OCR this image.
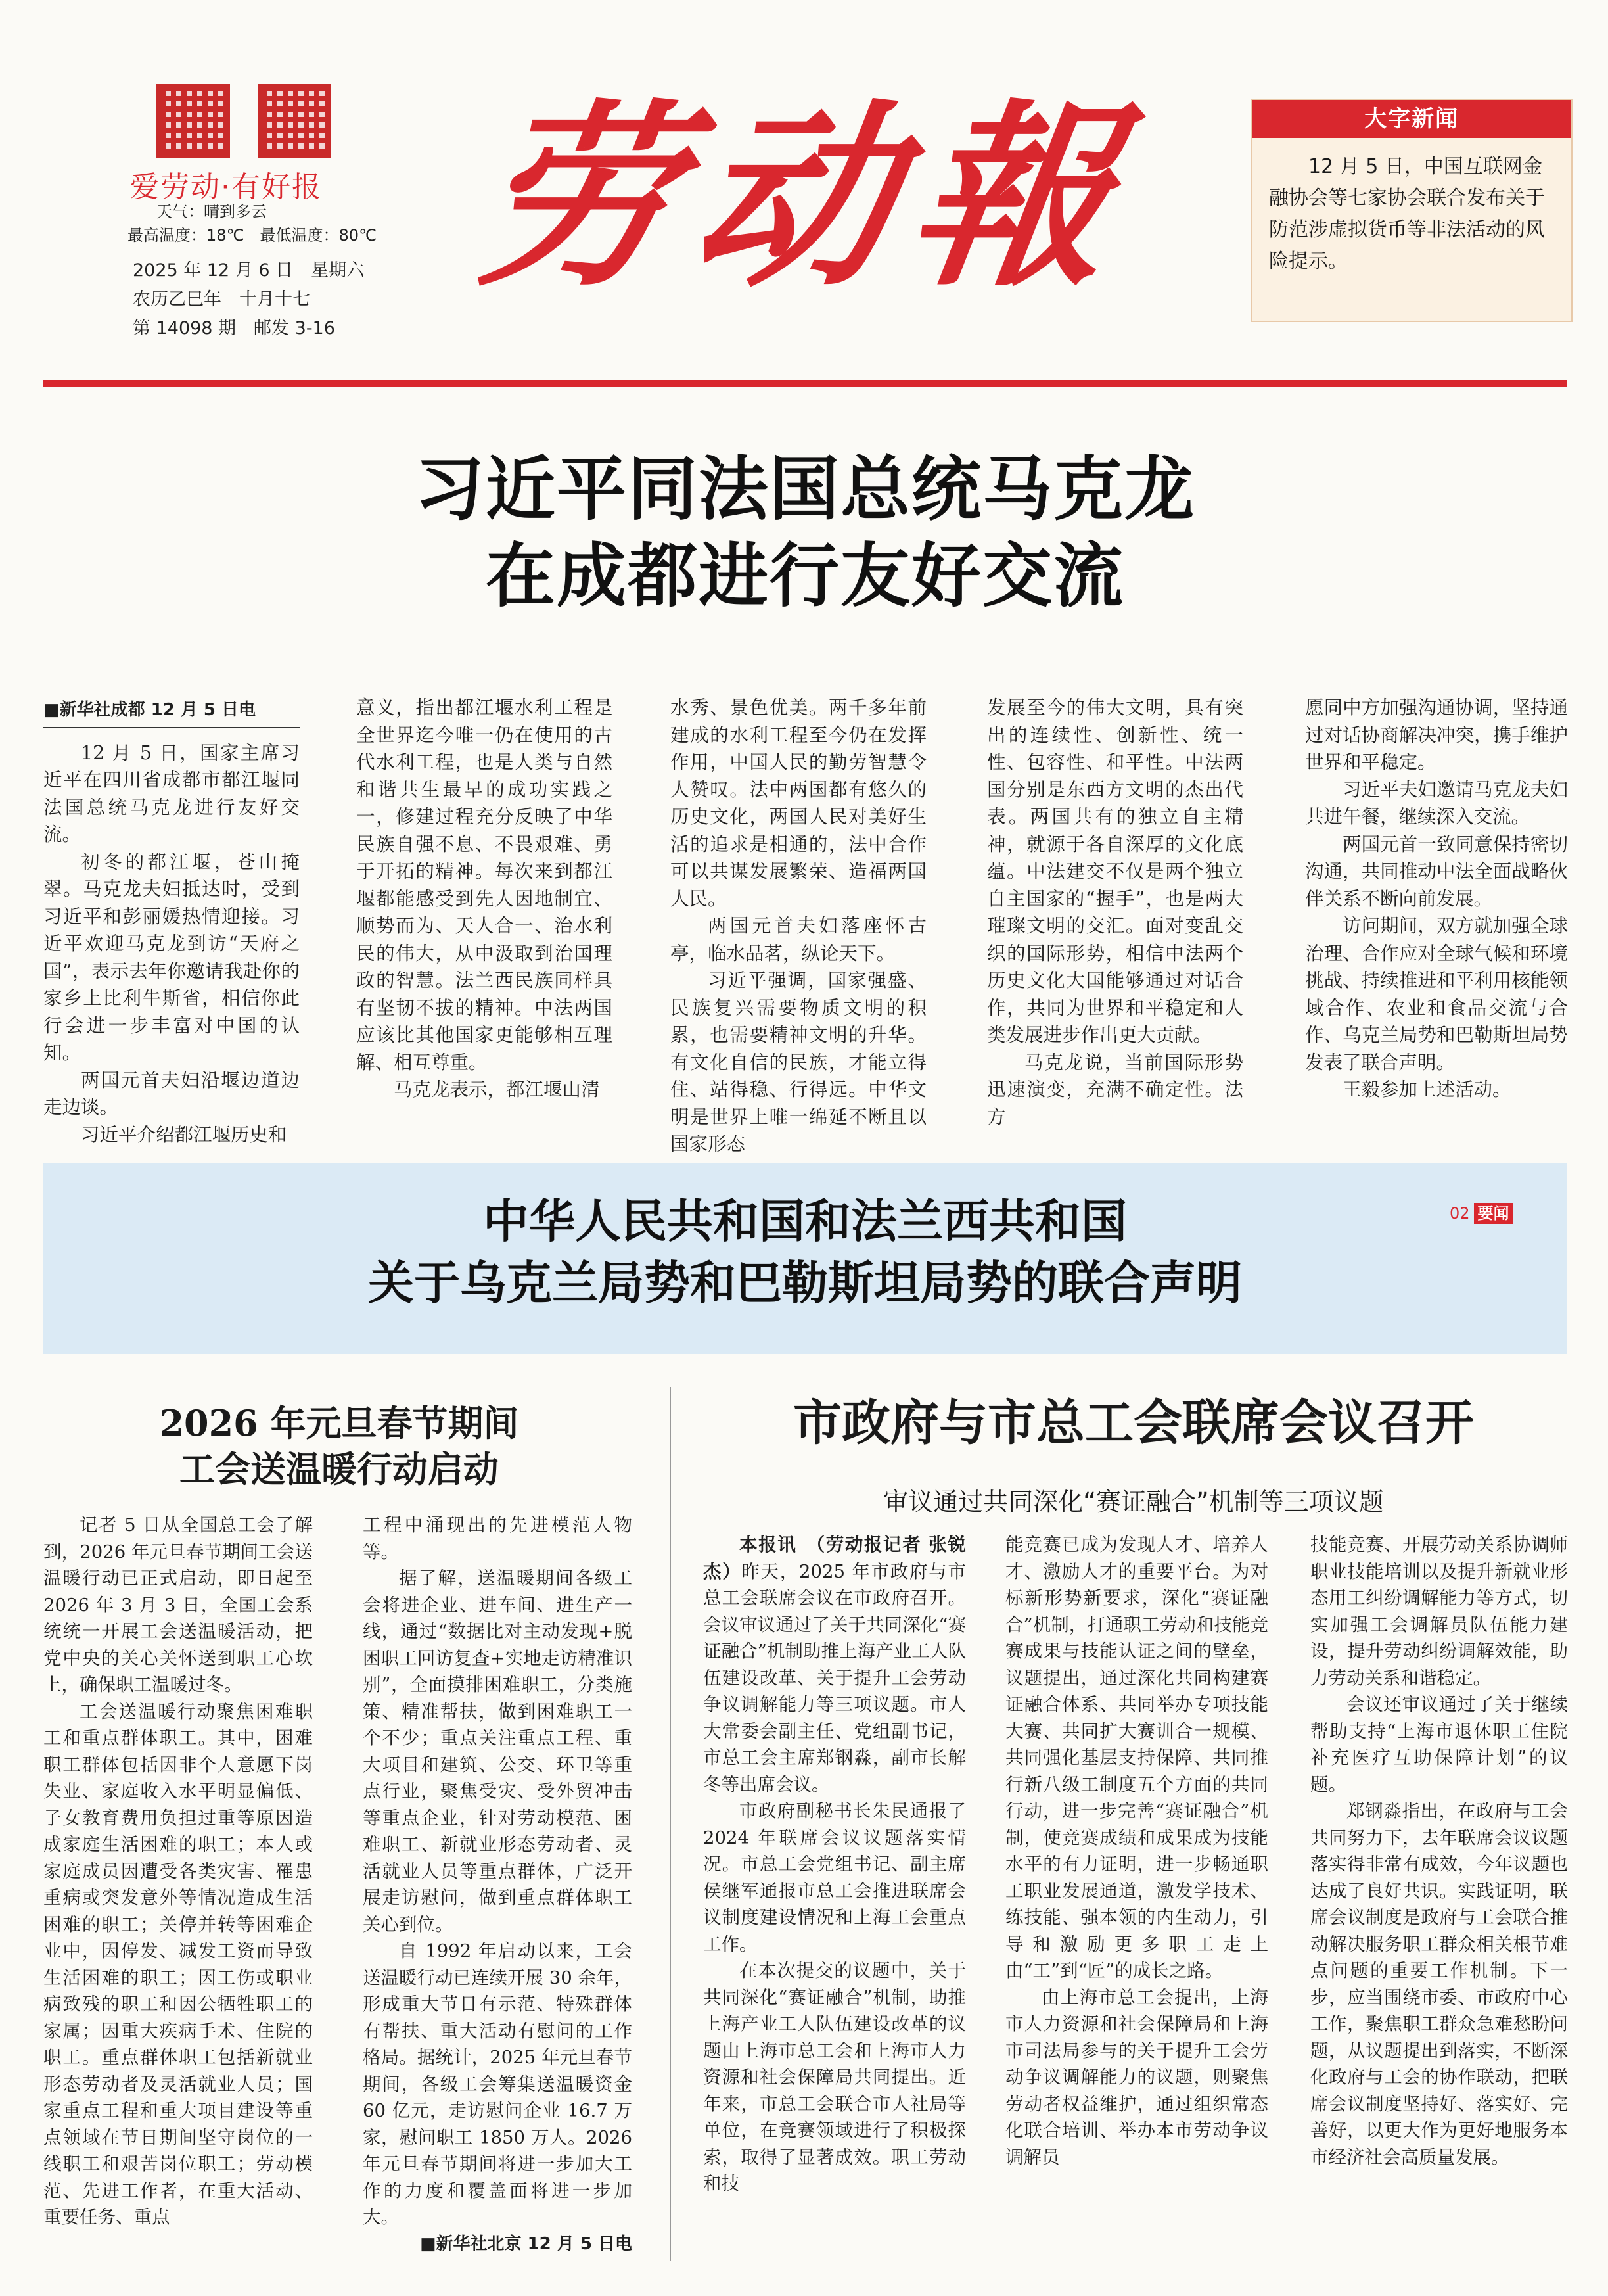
爱劳动·有好报
天气：晴到多云
最高温度：18℃　最低温度：80℃
2025 年 12 月 6 日　星期六
农历乙巳年　十月十七
第 14098 期　邮发 3-16
劳动報	大字新闻
12 月 5 日，中国互联网金融协会等七家协会联合发布关于防范涉虚拟货币等非法活动的风险提示。
习近平同法国总统马克龙
在成都进行友好交流
■新华社成都 12 月 5 日电

12 月 5 日，国家主席习近平在四川省成都市都江堰同法国总统马克龙进行友好交流。

初冬的都江堰，苍山掩翠。马克龙夫妇抵达时，受到习近平和彭丽媛热情迎接。习近平欢迎马克龙到访“天府之国”，表示去年你邀请我赴你的家乡上比利牛斯省，相信你此行会进一步丰富对中国的认知。

两国元首夫妇沿堰边道边走边谈。

习近平介绍都江堰历史和

意义，指出都江堰水利工程是全世界迄今唯一仍在使用的古代水利工程，也是人类与自然和谐共生最早的成功实践之一，修建过程充分反映了中华民族自强不息、不畏艰难、勇于开拓的精神。每次来到都江堰都能感受到先人因地制宜、顺势而为、天人合一、治水利民的伟大，从中汲取到治国理政的智慧。法兰西民族同样具有坚韧不拔的精神。中法两国应该比其他国家更能够相互理解、相互尊重。

马克龙表示，都江堰山清

水秀、景色优美。两千多年前建成的水利工程至今仍在发挥作用，中国人民的勤劳智慧令人赞叹。法中两国都有悠久的历史文化，两国人民对美好生活的追求是相通的，法中合作可以共谋发展繁荣、造福两国人民。

两国元首夫妇落座怀古亭，临水品茗，纵论天下。

习近平强调，国家强盛、民族复兴需要物质文明的积累，也需要精神文明的升华。有文化自信的民族，才能立得住、站得稳、行得远。中华文明是世界上唯一绵延不断且以国家形态

发展至今的伟大文明，具有突出的连续性、创新性、统一性、包容性、和平性。中法两国分别是东西方文明的杰出代表。两国共有的独立自主精神，就源于各自深厚的文化底蕴。中法建交不仅是两个独立自主国家的“握手”，也是两大璀璨文明的交汇。面对变乱交织的国际形势，相信中法两个历史文化大国能够通过对话合作，共同为世界和平稳定和人类发展进步作出更大贡献。

马克龙说，当前国际形势迅速演变，充满不确定性。法方

愿同中方加强沟通协调，坚持通过对话协商解决冲突，携手维护世界和平稳定。

习近平夫妇邀请马克龙夫妇共进午餐，继续深入交流。

两国元首一致同意保持密切沟通，共同推动中法全面战略伙伴关系不断向前发展。

访问期间，双方就加强全球治理、合作应对全球气候和环境挑战、持续推进和平利用核能领域合作、农业和食品交流与合作、乌克兰局势和巴勒斯坦局势发表了联合声明。

王毅参加上述活动。

中华人民共和国和法兰西共和国
关于乌克兰局势和巴勒斯坦局势的联合声明
02 要闻
2026 年元旦春节期间
工会送温暖行动启动

记者 5 日从全国总工会了解到，2026 年元旦春节期间工会送温暖行动已正式启动，即日起至 2026 年 3 月 3 日，全国工会系统统一开展工会送温暖活动，把党中央的关心关怀送到职工心坎上，确保职工温暖过冬。

工会送温暖行动聚焦困难职工和重点群体职工。其中，困难职工群体包括因非个人意愿下岗失业、家庭收入水平明显偏低、子女教育费用负担过重等原因造成家庭生活困难的职工；本人或家庭成员因遭受各类灾害、罹患重病或突发意外等情况造成生活困难的职工；关停并转等困难企业中，因停发、减发工资而导致生活困难的职工；因工伤或职业病致残的职工和因公牺牲职工的家属；因重大疾病手术、住院的职工。重点群体职工包括新就业形态劳动者及灵活就业人员；国家重点工程和重大项目建设等重点领域在节日期间坚守岗位的一线职工和艰苦岗位职工；劳动模范、先进工作者，在重大活动、重要任务、重点

工程中涌现出的先进模范人物等。

据了解，送温暖期间各级工会将进企业、进车间、进生产一线，通过“数据比对主动发现+脱困职工回访复查+实地走访精准识别”，全面摸排困难职工，分类施策、精准帮扶，做到困难职工一个不少；重点关注重点工程、重大项目和建筑、公交、环卫等重点行业，聚焦受灾、受外贸冲击等重点企业，针对劳动模范、困难职工、新就业形态劳动者、灵活就业人员等重点群体，广泛开展走访慰问，做到重点群体职工关心到位。

自 1992 年启动以来，工会送温暖行动已连续开展 30 余年，形成重大节日有示范、特殊群体有帮扶、重大活动有慰问的工作格局。据统计，2025 年元旦春节期间，各级工会筹集送温暖资金 60 亿元，走访慰问企业 16.7 万家，慰问职工 1850 万人。2026 年元旦春节期间将进一步加大工作的力度和覆盖面将进一步加大。

■新华社北京 12 月 5 日电
市政府与市总工会联席会议召开
审议通过共同深化“赛证融合”机制等三项议题

本报讯　（劳动报记者 张锐杰）昨天，2025 年市政府与市总工会联席会议在市政府召开。会议审议通过了关于共同深化“赛证融合”机制助推上海产业工人队伍建设改革、关于提升工会劳动争议调解能力等三项议题。市人大常委会副主任、党组副书记，市总工会主席郑钢淼，副市长解冬等出席会议。

市政府副秘书长朱民通报了 2024 年联席会议议题落实情况。市总工会党组书记、副主席侯继军通报市总工会推进联席会议制度建设情况和上海工会重点工作。

在本次提交的议题中，关于共同深化“赛证融合”机制，助推上海产业工人队伍建设改革的议题由上海市总工会和上海市人力资源和社会保障局共同提出。近年来，市总工会联合市人社局等单位，在竞赛领域进行了积极探索，取得了显著成效。职工劳动和技

能竞赛已成为发现人才、培养人才、激励人才的重要平台。为对标新形势新要求，深化“赛证融合”机制，打通职工劳动和技能竞赛成果与技能认证之间的壁垒，议题提出，通过深化共同构建赛证融合体系、共同举办专项技能大赛、共同扩大赛训合一规模、共同强化基层支持保障、共同推行新八级工制度五个方面的共同行动，进一步完善“赛证融合”机制，使竞赛成绩和成果成为技能水平的有力证明，进一步畅通职工职业发展通道，激发学技术、练技能、强本领的内生动力，引导和激励更多职工走上由“工”到“匠”的成长之路。

由上海市总工会提出，上海市人力资源和社会保障局和上海市司法局参与的关于提升工会劳动争议调解能力的议题，则聚焦劳动者权益维护，通过组织常态化联合培训、举办本市劳动争议调解员

技能竞赛、开展劳动关系协调师职业技能培训以及提升新就业形态用工纠纷调解能力等方式，切实加强工会调解员队伍能力建设，提升劳动纠纷调解效能，助力劳动关系和谐稳定。

会议还审议通过了关于继续帮助支持“上海市退休职工住院补充医疗互助保障计划”的议题。

郑钢淼指出，在政府与工会共同努力下，去年联席会议议题落实得非常有成效，今年议题也达成了良好共识。实践证明，联席会议制度是政府与工会联合推动解决服务职工群众相关根节难点问题的重要工作机制。下一步，应当围绕市委、市政府中心工作，聚焦职工群众急难愁盼问题，从议题提出到落实，不断深化政府与工会的协作联动，把联席会议制度坚持好、落实好、完善好，以更大作为更好地服务本市经济社会高质量发展。
